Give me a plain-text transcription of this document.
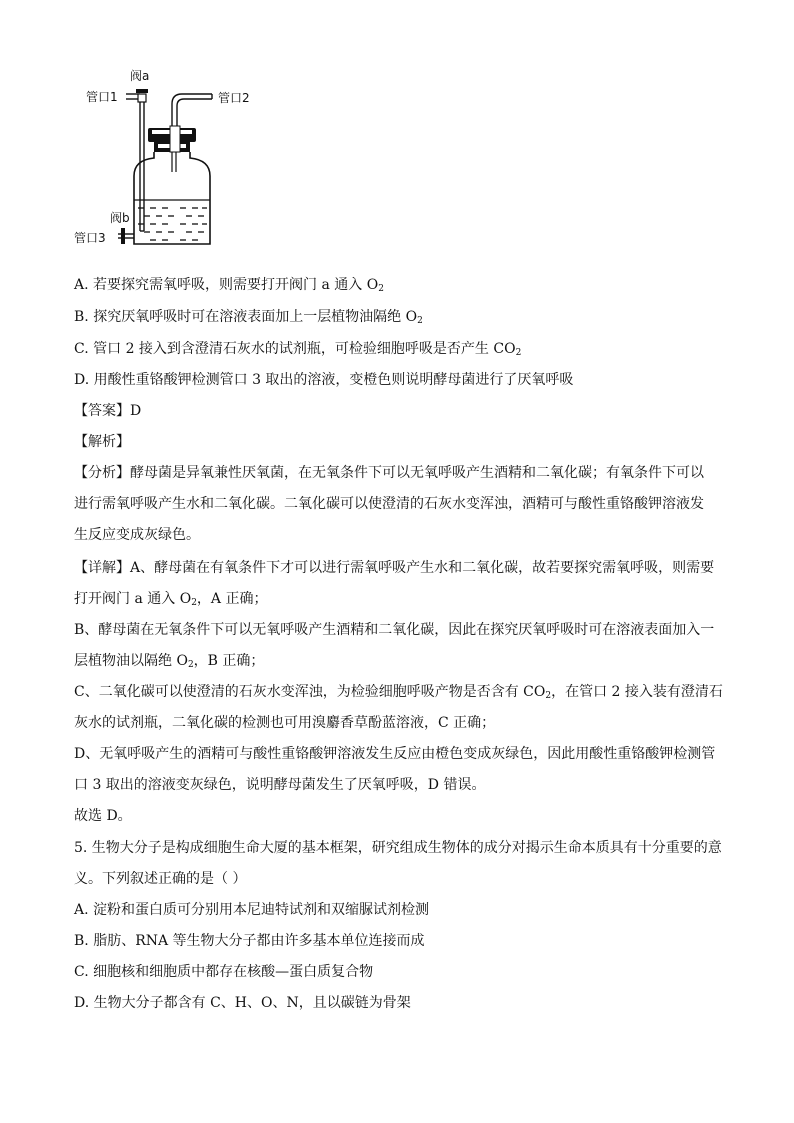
阀a
管口1	管口2
阀b
管口3
A. 若要探究需氧呼吸，则需要打开阀门 a 通入 $O_2$
B. 探究厌氧呼吸时可在溶液表面加上一层植物油隔绝 $O_2$
C. 管口 2 接入到含澄清石灰水的试剂瓶，可检验细胞呼吸是否产生 $CO_2$
D. 用酸性重铬酸钾检测管口 3 取出的溶液，变橙色则说明酵母菌进行了厌氧呼吸
【答案】D
【解析】
【分析】酵母菌是异氧兼性厌氧菌，在无氧条件下可以无氧呼吸产生酒精和二氧化碳；有氧条件下可以进行需氧呼吸产生水和二氧化碳。二氧化碳可以使澄清的石灰水变浑浊，酒精可与酸性重铬酸钾溶液发生反应变成灰绿色。
【详解】A、酵母菌在有氧条件下才可以进行需氧呼吸产生水和二氧化碳，故若要探究需氧呼吸，则需要
打开阀门 a 通入 $O_2$，A 正确；
B、酵母菌在无氧条件下可以无氧呼吸产生酒精和二氧化碳，因此在探究厌氧呼吸时可在溶液表面加入一
层植物油以隔绝 $O_2$，B 正确；
C、二氧化碳可以使澄清的石灰水变浑浊，为检验细胞呼吸产物是否含有 $CO_2$，在管口 2 接入装有澄清石
灰水的试剂瓶，二氧化碳的检测也可用溴麝香草酚蓝溶液，C 正确；
D、无氧呼吸产生的酒精可与酸性重铬酸钾溶液发生反应由橙色变成灰绿色，因此用酸性重铬酸钾检测管
口 3 取出的溶液变灰绿色，说明酵母菌发生了厌氧呼吸，D 错误。
故选 D。
5. 生物大分子是构成细胞生命大厦的基本框架，研究组成生物体的成分对揭示生命本质具有十分重要的意
义。下列叙述正确的是（ ）
A. 淀粉和蛋白质可分别用本尼迪特试剂和双缩脲试剂检测
B. 脂肪、RNA 等生物大分子都由许多基本单位连接而成
C. 细胞核和细胞质中都存在核酸—蛋白质复合物
D. 生物大分子都含有 C、H、O、N，且以碳链为骨架
